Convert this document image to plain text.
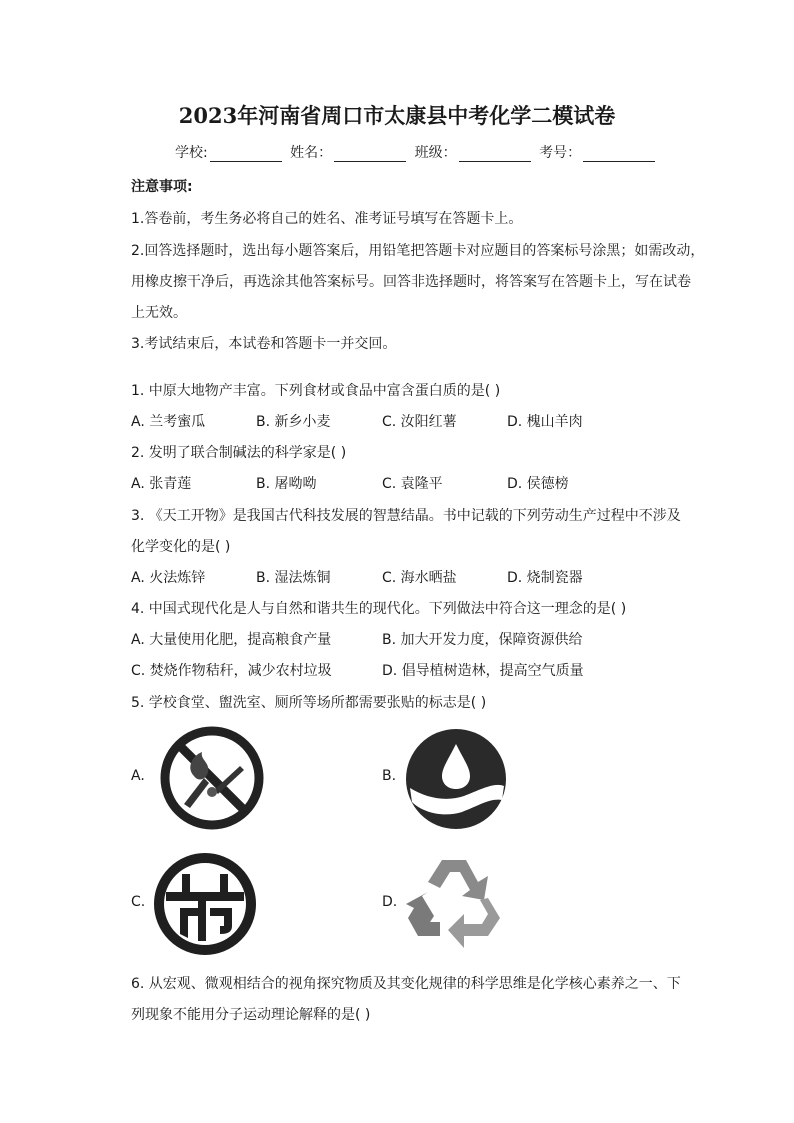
2023年河南省周口市太康县中考化学二模试卷
学校:	姓名：	班级：	考号：
注意事项:
1.答卷前，考生务必将自己的姓名、准考证号填写在答题卡上。
2.回答选择题时，选出每小题答案后，用铅笔把答题卡对应题目的答案标号涂黑；如需改动，
用橡皮擦干净后，再选涂其他答案标号。回答非选择题时，将答案写在答题卡上，写在试卷
上无效。
3.考试结束后，本试卷和答题卡一并交回。
1. 中原大地物产丰富。下列食材或食品中富含蛋白质的是( )
A. 兰考蜜瓜	B. 新乡小麦	C. 汝阳红薯	D. 槐山羊肉
2. 发明了联合制碱法的科学家是( )
A. 张青莲	B. 屠呦呦	C. 袁隆平	D. 侯德榜
3. 《天工开物》是我国古代科技发展的智慧结晶。书中记载的下列劳动生产过程中不涉及
化学变化的是( )
A. 火法炼锌	B. 湿法炼铜	C. 海水晒盐	D. 烧制瓷器
4. 中国式现代化是人与自然和谐共生的现代化。下列做法中符合这一理念的是( )
A. 大量使用化肥，提高粮食产量	B. 加大开发力度，保障资源供给
C. 焚烧作物秸秆，减少农村垃圾	D. 倡导植树造林，提高空气质量
5. 学校食堂、盥洗室、厕所等场所都需要张贴的标志是( )
A.	B.
C.	D.
6. 从宏观、微观相结合的视角探究物质及其变化规律的科学思维是化学核心素养之一、下
列现象不能用分子运动理论解释的是( )
